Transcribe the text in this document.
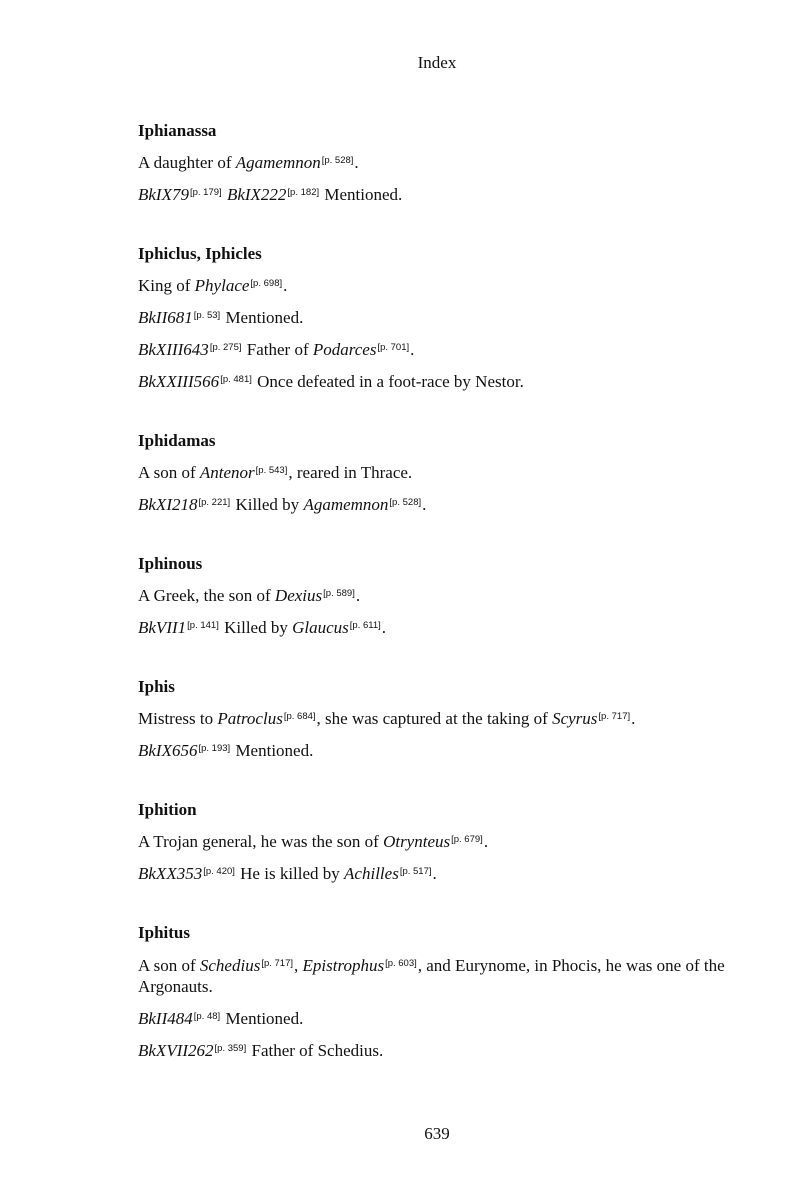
Index
Iphianassa
A daughter of Agamemnon[p. 528].
BkIX79[p. 179] BkIX222[p. 182] Mentioned.
Iphiclus, Iphicles
King of Phylace[p. 698].
BkII681[p. 53] Mentioned.
BkXIII643[p. 275] Father of Podarces[p. 701].
BkXXIII566[p. 481] Once defeated in a foot-race by Nestor.
Iphidamas
A son of Antenor[p. 543], reared in Thrace.
BkXI218[p. 221] Killed by Agamemnon[p. 528].
Iphinous
A Greek, the son of Dexius[p. 589].
BkVII1[p. 141] Killed by Glaucus[p. 611].
Iphis
Mistress to Patroclus[p. 684], she was captured at the taking of Scyrus[p. 717].
BkIX656[p. 193] Mentioned.
Iphition
A Trojan general, he was the son of Otrynteus[p. 679].
BkXX353[p. 420] He is killed by Achilles[p. 517].
Iphitus
A son of Schedius[p. 717], Epistrophus[p. 603], and Eurynome, in Phocis, he was one of the Argonauts.
BkII484[p. 48] Mentioned.
BkXVII262[p. 359] Father of Schedius.
639
